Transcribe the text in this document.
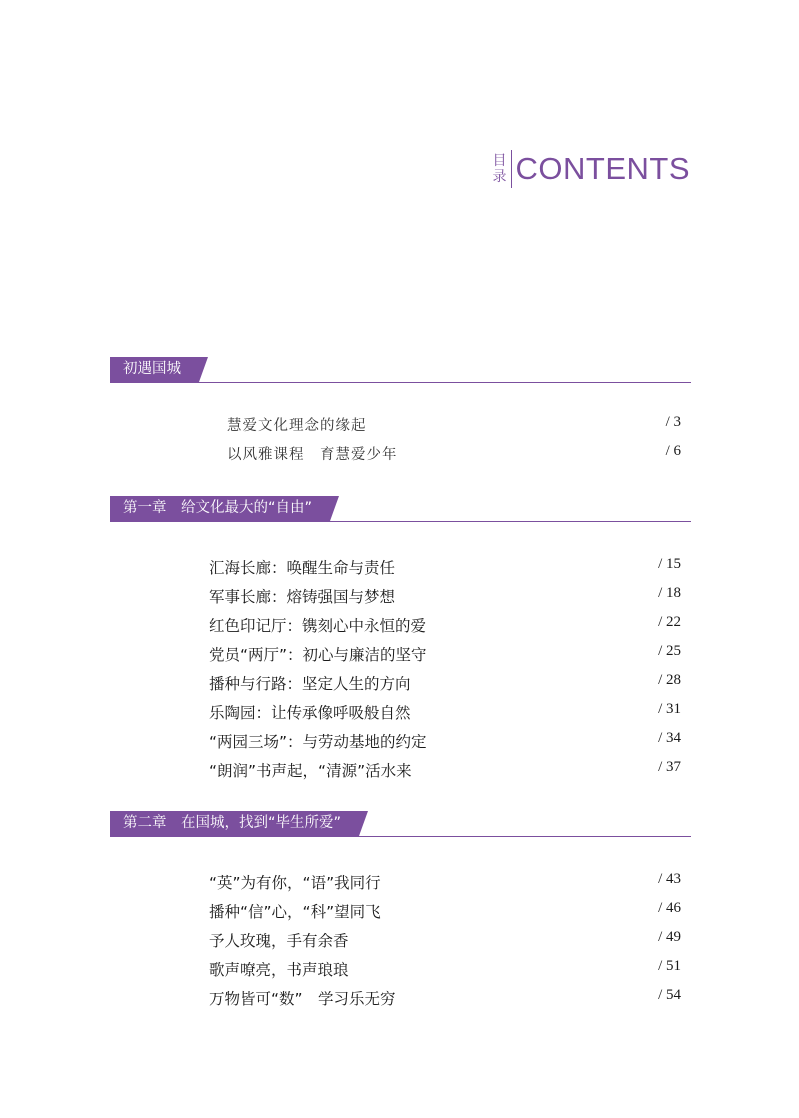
目
录 CONTENTS
初遇国城
慧爱文化理念的缘起	/ 3
以风雅课程　育慧爱少年	/ 6
第一章　给文化最大的“自由”
汇海长廊：唤醒生命与责任	/ 15
军事长廊：熔铸强国与梦想	/ 18
红色印记厅：镌刻心中永恒的爱	/ 22
党员“两厅”：初心与廉洁的坚守	/ 25
播种与行路：坚定人生的方向	/ 28
乐陶园：让传承像呼吸般自然	/ 31
“两园三场”：与劳动基地的约定	/ 34
“朗润”书声起，“清源”活水来	/ 37
第二章　在国城，找到“毕生所爱”
“英”为有你，“语”我同行	/ 43
播种“信”心，“科”望同飞	/ 46
予人玫瑰，手有余香	/ 49
歌声嘹亮，书声琅琅	/ 51
万物皆可“数”　学习乐无穷	/ 54
